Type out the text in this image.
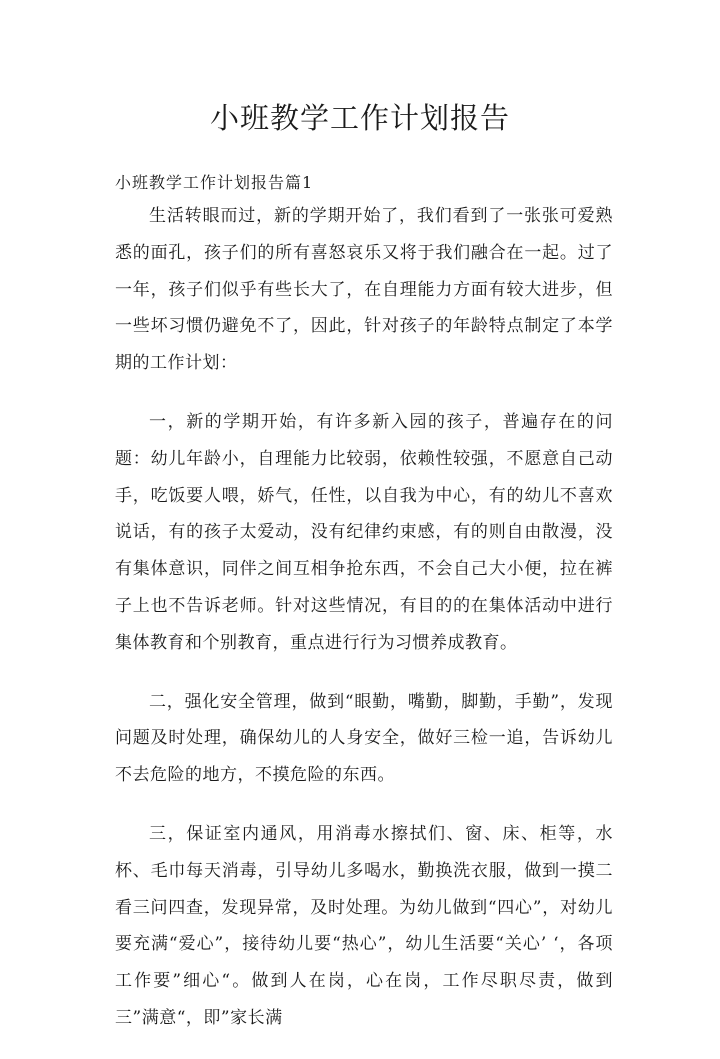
小班教学工作计划报告

小班教学工作计划报告篇1

生活转眼而过，新的学期开始了，我们看到了一张张可爱熟悉的面孔，孩子们的所有喜怒哀乐又将于我们融合在一起。过了一年，孩子们似乎有些长大了，在自理能力方面有较大进步，但一些坏习惯仍避免不了，因此，针对孩子的年龄特点制定了本学期的工作计划：

一，新的学期开始，有许多新入园的孩子，普遍存在的问题：幼儿年龄小，自理能力比较弱，依赖性较强，不愿意自己动手，吃饭要人喂，娇气，任性，以自我为中心，有的幼儿不喜欢说话，有的孩子太爱动，没有纪律约束感，有的则自由散漫，没有集体意识，同伴之间互相争抢东西，不会自己大小便，拉在裤子上也不告诉老师。针对这些情况，有目的的在集体活动中进行集体教育和个别教育，重点进行行为习惯养成教育。

二，强化安全管理，做到“眼勤，嘴勤，脚勤，手勤”，发现问题及时处理，确保幼儿的人身安全，做好三检一追，告诉幼儿不去危险的地方，不摸危险的东西。

三，保证室内通风，用消毒水擦拭们、窗、床、柜等，水杯、毛巾每天消毒，引导幼儿多喝水，勤换洗衣服，做到一摸二看三问四查，发现异常，及时处理。为幼儿做到“四心”，对幼儿要充满“爱心”，接待幼儿要“热心”，幼儿生活要“关心’ ‘，各项工作要”细心“。做到人在岗，心在岗，工作尽职尽责，做到三”满意“，即”家长满
